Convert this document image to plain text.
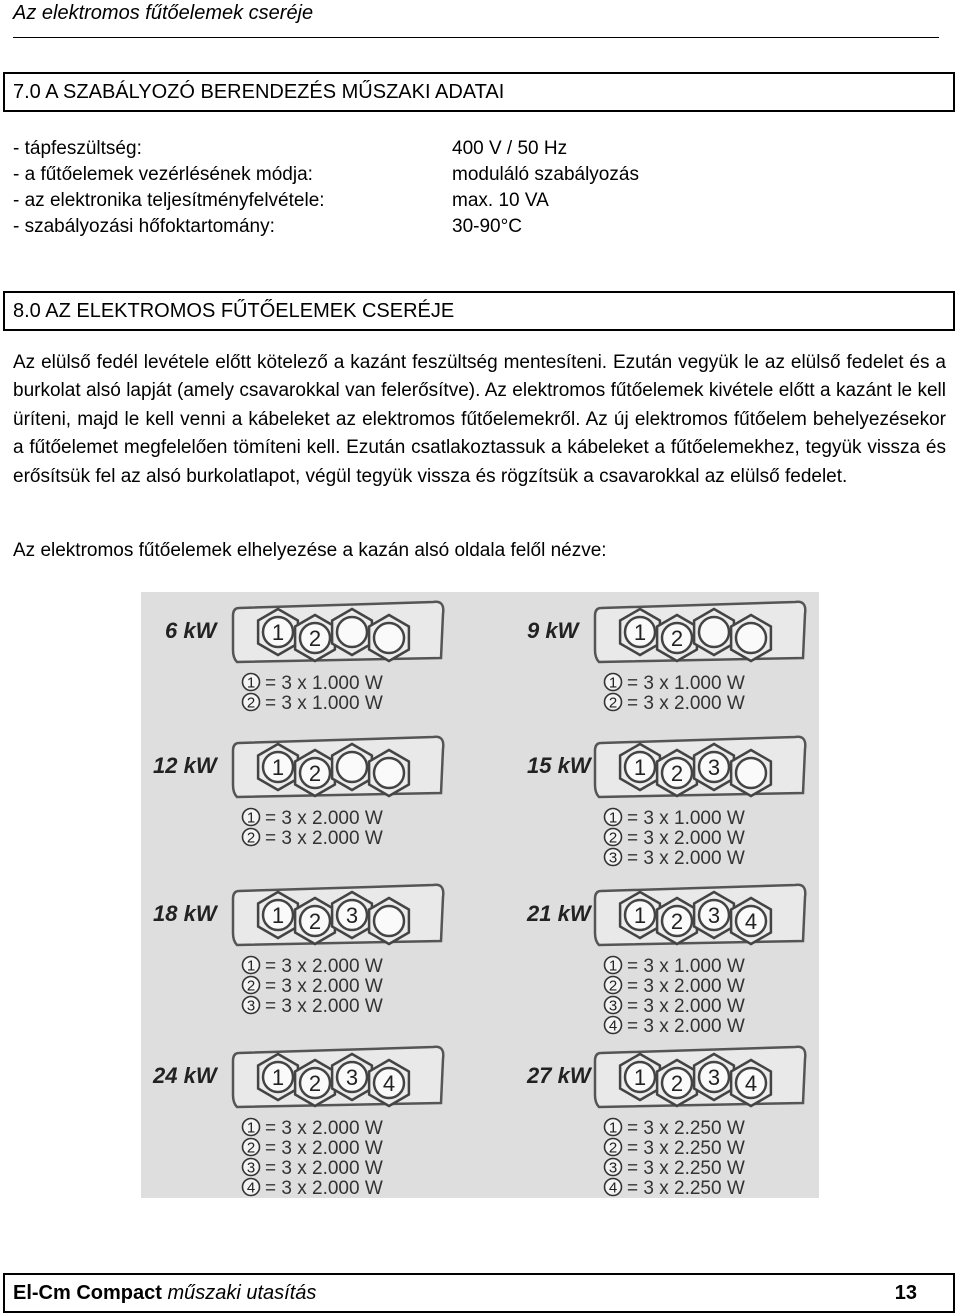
Az elektromos fűtőelemek cseréje
7.0 A SZABÁLYOZÓ BERENDEZÉS MŰSZAKI ADATAI
- tápfeszültség:	400 V / 50 Hz
- a fűtőelemek vezérlésének módja:	moduláló szabályozás
- az elektronika teljesítményfelvétele:	max. 10 VA
- szabályozási hőfoktartomány:	30-90°C
8.0 AZ ELEKTROMOS FŰTŐELEMEK CSERÉJE
Az elülső fedél levétele előtt kötelező a kazánt feszültség mentesíteni. Ezután vegyük le az elülső fedelet és a burkolat alsó lapját (amely csavarokkal van felerősítve). Az elektromos fűtőelemek kivétele előtt a kazánt le kell üríteni, majd le kell venni a kábeleket az elektromos fűtőelemekről. Az új elektromos fűtőelem behelyezésekor a fűtőelemet megfelelően tömíteni kell. Ezután csatlakoztassuk a kábeleket a fűtőelemekhez, tegyük vissza és erősítsük fel az alsó burkolatlapot, végül tegyük vissza és rögzítsük a csavarokkal az elülső fedelet.
Az elektromos fűtőelemek elhelyezése a kazán alsó oldala felől nézve:
6 kW	1 2
1 = 3 x 1.000 W
2 = 3 x 1.000 W
9 kW	1 2
1 = 3 x 1.000 W
2 = 3 x 2.000 W
12 kW	1 2
1 = 3 x 2.000 W
2 = 3 x 2.000 W
15 kW 1 2 3
1 = 3 x 1.000 W
2 = 3 x 2.000 W
3 = 3 x 2.000 W
18 kW	1 2 3
1 = 3 x 2.000 W
2 = 3 x 2.000 W
3 = 3 x 2.000 W
21 kW 1 2 3 4
1 = 3 x 1.000 W
2 = 3 x 2.000 W
3 = 3 x 2.000 W
4 = 3 x 2.000 W
24 kW	1 2 3 4
1 = 3 x 2.000 W
2 = 3 x 2.000 W
3 = 3 x 2.000 W
4 = 3 x 2.000 W
27 kW 1 2 3 4
1 = 3 x 2.250 W
2 = 3 x 2.250 W
3 = 3 x 2.250 W
4 = 3 x 2.250 W
El-Cm Compact műszaki utasítás	13
